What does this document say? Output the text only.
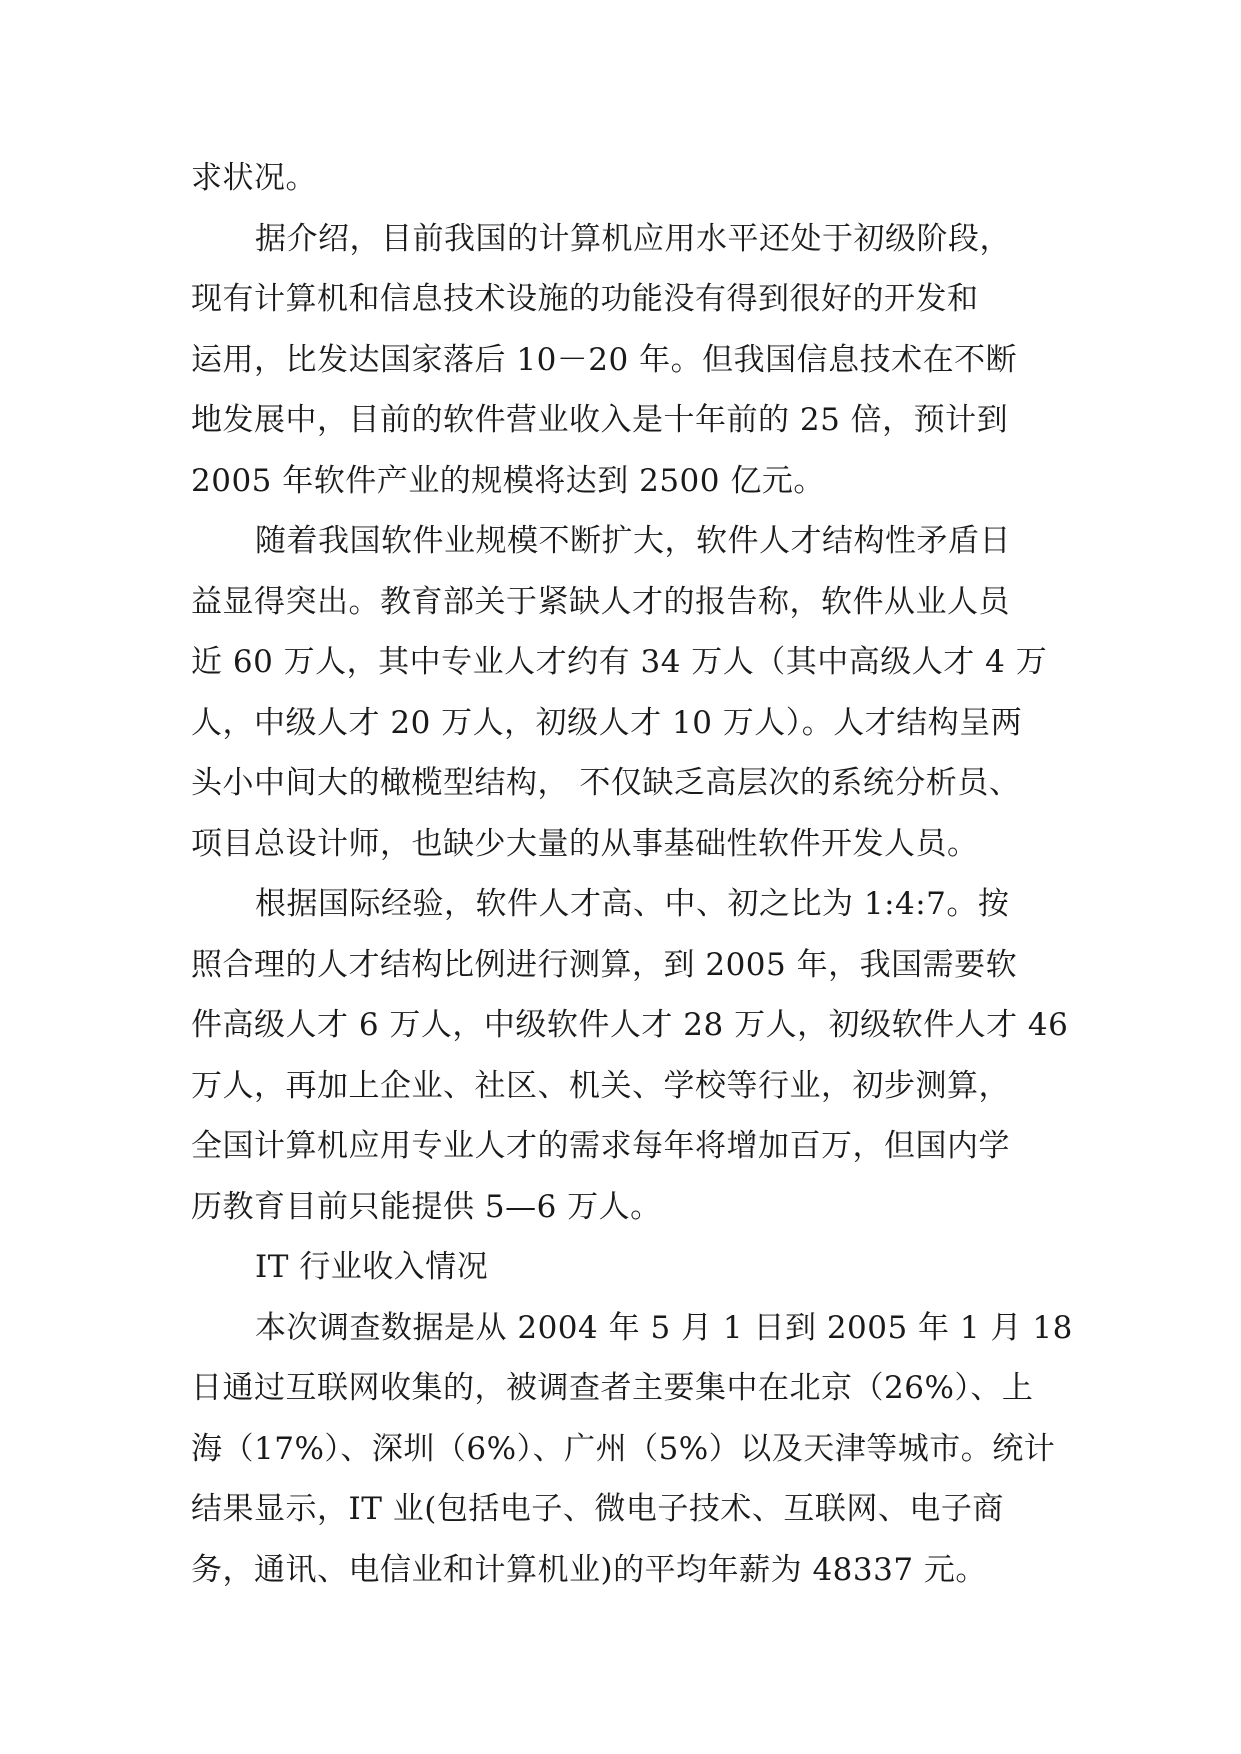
求状况。
据介绍，目前我国的计算机应用水平还处于初级阶段，
现有计算机和信息技术设施的功能没有得到很好的开发和
运用，比发达国家落后 10－20 年。但我国信息技术在不断
地发展中，目前的软件营业收入是十年前的 25 倍，预计到
2005 年软件产业的规模将达到 2500 亿元。
随着我国软件业规模不断扩大，软件人才结构性矛盾日
益显得突出。教育部关于紧缺人才的报告称，软件从业人员
近 60 万人，其中专业人才约有 34 万人（其中高级人才 4 万
人，中级人才 20 万人，初级人才 10 万人）。人才结构呈两
头小中间大的橄榄型结构， 不仅缺乏高层次的系统分析员、
项目总设计师，也缺少大量的从事基础性软件开发人员。
根据国际经验，软件人才高、中、初之比为 1:4:7。按
照合理的人才结构比例进行测算，到 2005 年，我国需要软
件高级人才 6 万人，中级软件人才 28 万人，初级软件人才 46
万人，再加上企业、社区、机关、学校等行业，初步测算，
全国计算机应用专业人才的需求每年将增加百万，但国内学
历教育目前只能提供 5—6 万人。
IT 行业收入情况
本次调查数据是从 2004 年 5 月 1 日到 2005 年 1 月 18
日通过互联网收集的，被调查者主要集中在北京（26%）、上
海（17%）、深圳（6%）、广州（5%）以及天津等城市。统计
结果显示，IT 业(包括电子、微电子技术、互联网、电子商
务，通讯、电信业和计算机业)的平均年薪为 48337 元。
